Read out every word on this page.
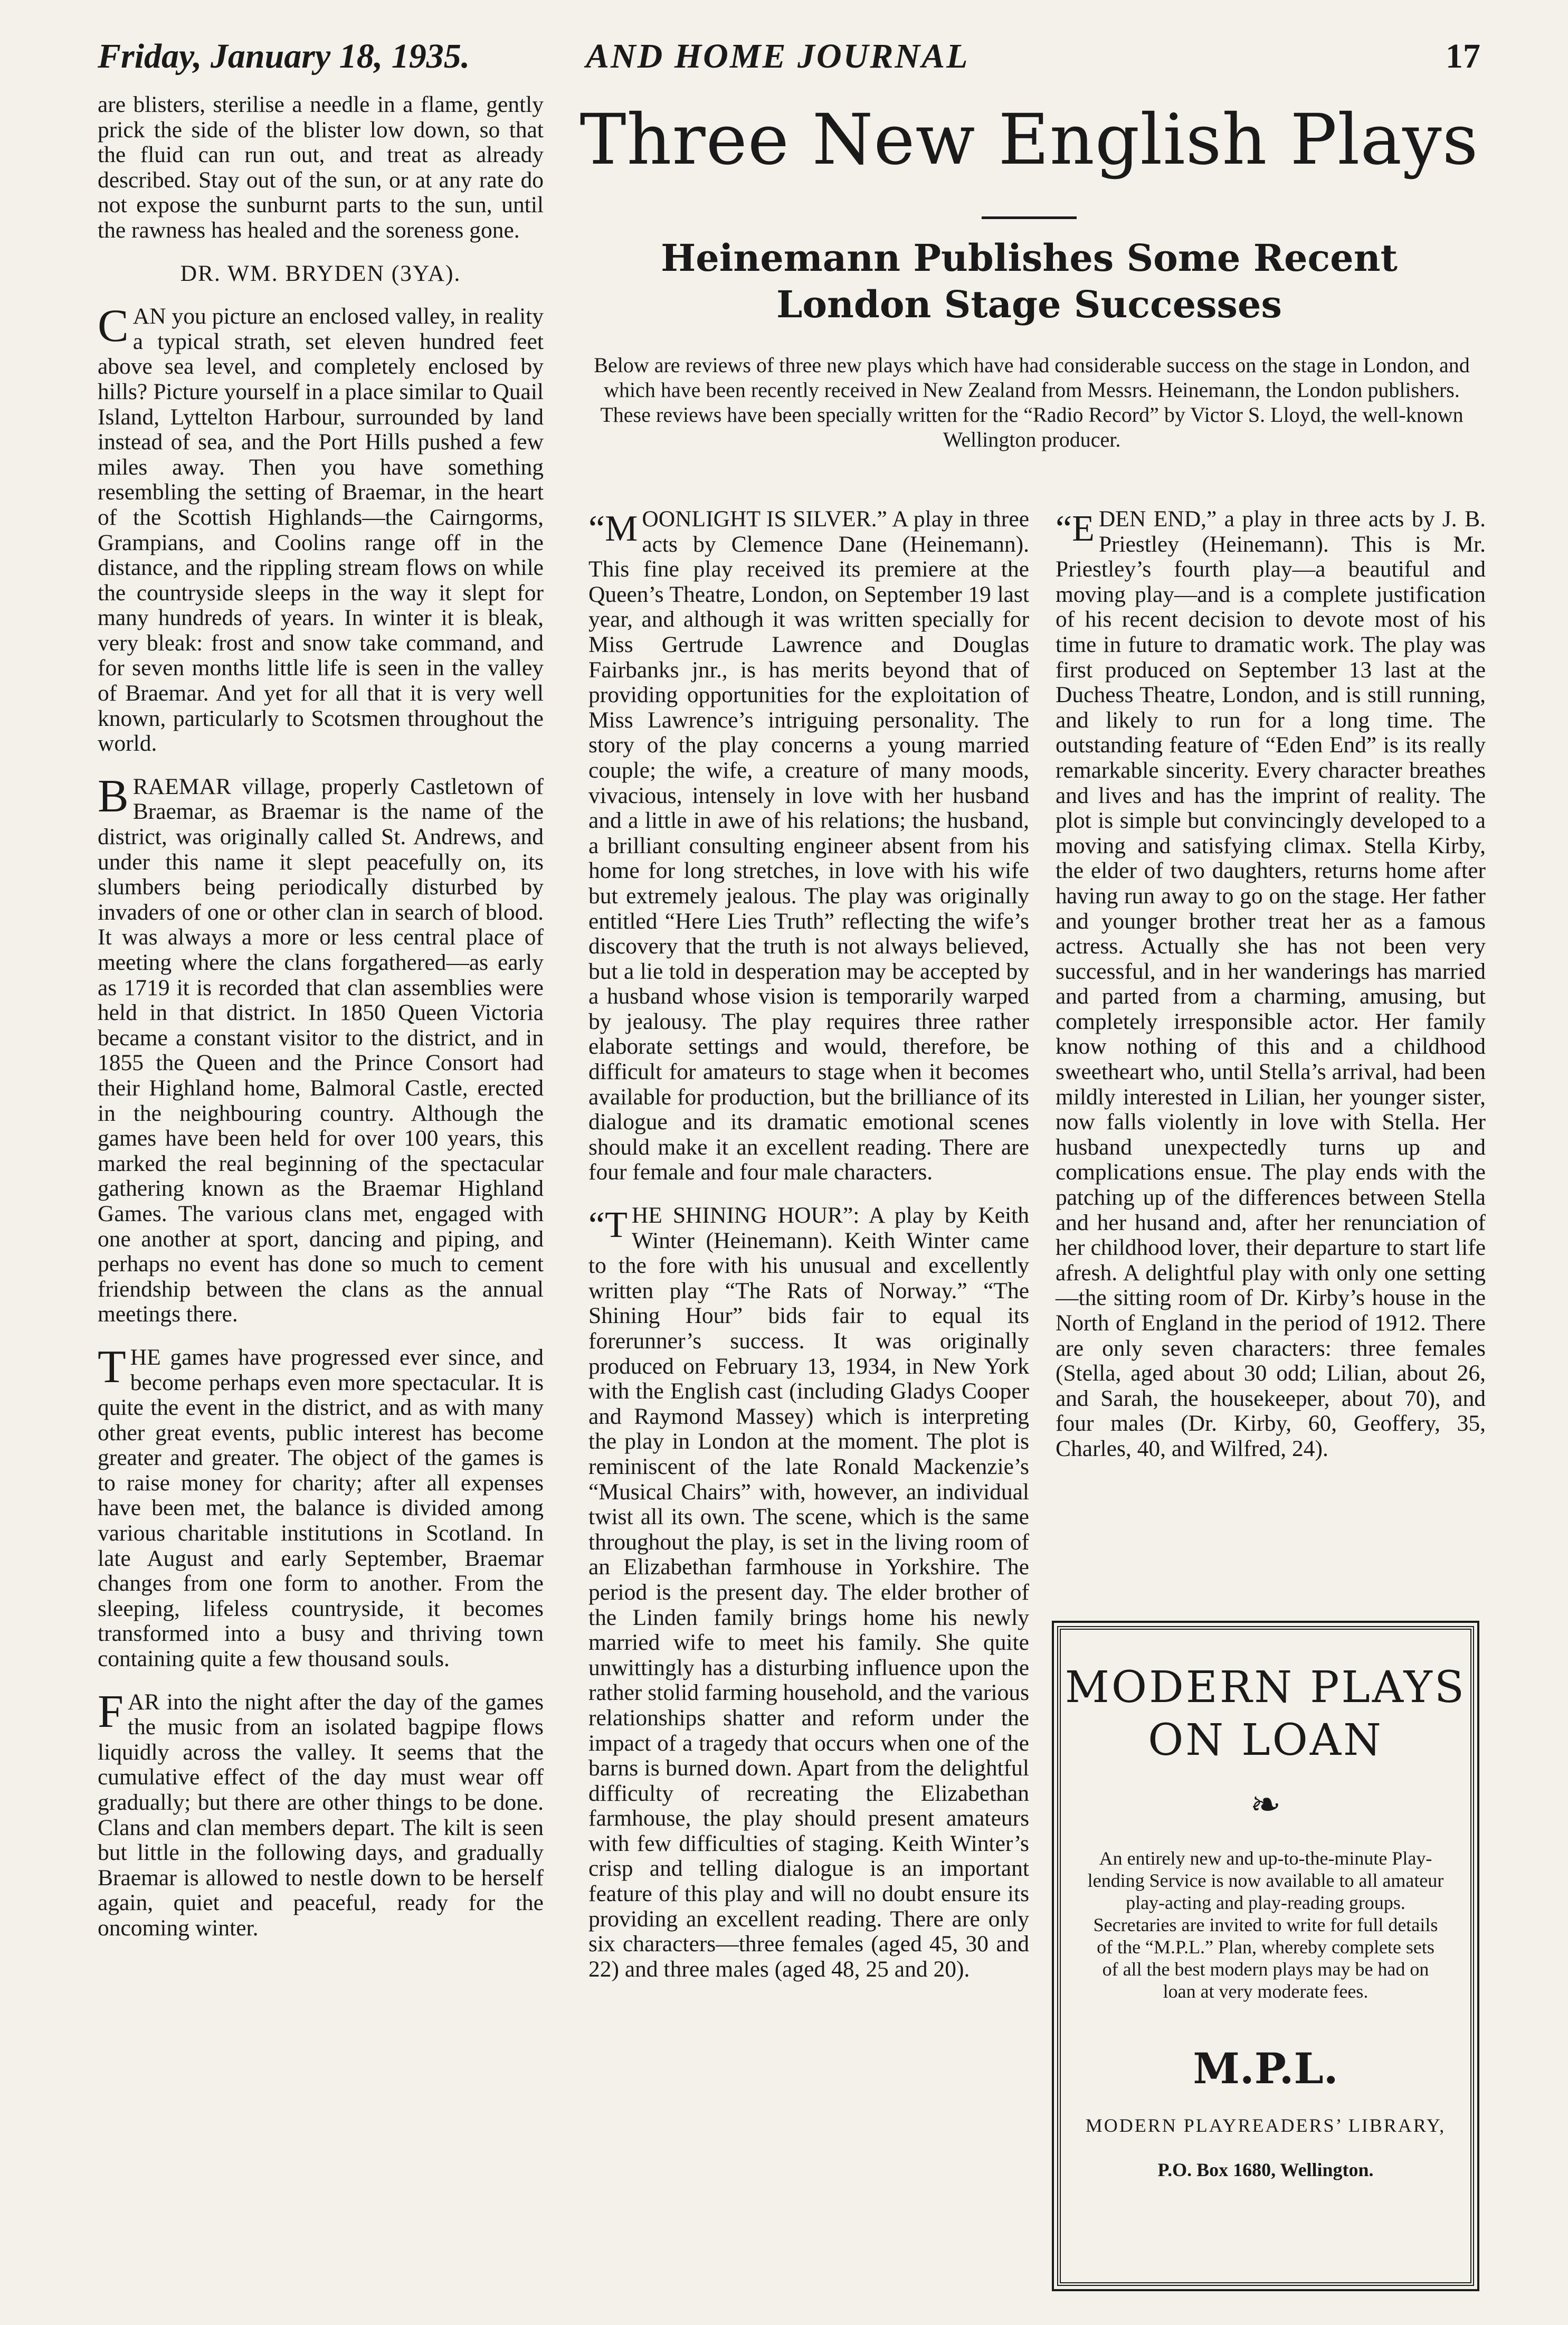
Friday, January 18, 1935.	AND HOME JOURNAL	17

are blisters, sterilise a needle in a flame, gently prick the side of the blister low down, so that the fluid can run out, and treat as already described. Stay out of the sun, or at any rate do not expose the sunburnt parts to the sun, until the rawness has healed and the soreness gone.

DR. WM. BRYDEN (3YA).

CAN you picture an enclosed valley, in reality a typical strath, set eleven hundred feet above sea level, and completely enclosed by hills? Picture yourself in a place similar to Quail Island, Lyttelton Harbour, surrounded by land instead of sea, and the Port Hills pushed a few miles away. Then you have something resembling the setting of Braemar, in the heart of the Scottish Highlands—the Cairngorms, Grampians, and Coolins range off in the distance, and the rippling stream flows on while the countryside sleeps in the way it slept for many hundreds of years. In winter it is bleak, very bleak: frost and snow take command, and for seven months little life is seen in the valley of Braemar. And yet for all that it is very well known, particularly to Scotsmen throughout the world.

BRAEMAR village, properly Castletown of Braemar, as Braemar is the name of the district, was originally called St. Andrews, and under this name it slept peacefully on, its slumbers being periodically disturbed by invaders of one or other clan in search of blood. It was always a more or less central place of meeting where the clans forgathered—as early as 1719 it is recorded that clan assemblies were held in that district. In 1850 Queen Victoria became a constant visitor to the district, and in 1855 the Queen and the Prince Consort had their Highland home, Balmoral Castle, erected in the neighbouring country. Although the games have been held for over 100 years, this marked the real beginning of the spectacular gathering known as the Braemar Highland Games. The various clans met, engaged with one another at sport, dancing and piping, and perhaps no event has done so much to cement friendship between the clans as the annual meetings there.

THE games have progressed ever since, and become perhaps even more spectacular. It is quite the event in the district, and as with many other great events, public interest has become greater and greater. The object of the games is to raise money for charity; after all expenses have been met, the balance is divided among various charitable institutions in Scotland. In late August and early September, Braemar changes from one form to another. From the sleeping, lifeless countryside, it becomes transformed into a busy and thriving town containing quite a few thousand souls.

FAR into the night after the day of the games the music from an isolated bagpipe flows liquidly across the valley. It seems that the cumulative effect of the day must wear off gradually; but there are other things to be done. Clans and clan members depart. The kilt is seen but little in the following days, and gradually Braemar is allowed to nestle down to be herself again, quiet and peaceful, ready for the oncoming winter.

Three New English Plays
Heinemann Publishes Some Recent London Stage Successes
Below are reviews of three new plays which have had considerable success on the stage in London, and which have been recently received in New Zealand from Messrs. Heinemann, the London publishers. These reviews have been specially written for the “Radio Record” by Victor S. Lloyd, the well-known Wellington producer.

“MOONLIGHT IS SILVER.” A play in three acts by Clemence Dane (Heinemann). This fine play received its premiere at the Queen’s Theatre, London, on September 19 last year, and although it was written specially for Miss Gertrude Lawrence and Douglas Fairbanks jnr., is has merits beyond that of providing opportunities for the exploitation of Miss Lawrence’s intriguing personality. The story of the play concerns a young married couple; the wife, a creature of many moods, vivacious, intensely in love with her husband and a little in awe of his relations; the husband, a brilliant consulting engineer absent from his home for long stretches, in love with his wife but extremely jealous. The play was originally entitled “Here Lies Truth” reflecting the wife’s discovery that the truth is not always believed, but a lie told in desperation may be accepted by a husband whose vision is temporarily warped by jealousy. The play requires three rather elaborate settings and would, therefore, be difficult for amateurs to stage when it becomes available for production, but the brilliance of its dialogue and its dramatic emotional scenes should make it an excellent reading. There are four female and four male characters.

“THE SHINING HOUR”: A play by Keith Winter (Heinemann). Keith Winter came to the fore with his unusual and excellently written play “The Rats of Norway.” “The Shining Hour” bids fair to equal its forerunner’s success. It was originally produced on February 13, 1934, in New York with the English cast (including Gladys Cooper and Raymond Massey) which is interpreting the play in London at the moment. The plot is reminiscent of the late Ronald Mackenzie’s “Musical Chairs” with, however, an individual twist all its own. The scene, which is the same throughout the play, is set in the living room of an Elizabethan farmhouse in Yorkshire. The period is the present day. The elder brother of the Linden family brings home his newly married wife to meet his family. She quite unwittingly has a disturbing influence upon the rather stolid farming household, and the various relationships shatter and reform under the impact of a tragedy that occurs when one of the barns is burned down. Apart from the delightful difficulty of recreating the Elizabethan farmhouse, the play should present amateurs with few difficulties of staging. Keith Winter’s crisp and telling dialogue is an important feature of this play and will no doubt ensure its providing an excellent reading. There are only six characters—three females (aged 45, 30 and 22) and three males (aged 48, 25 and 20).

“EDEN END,” a play in three acts by J. B. Priestley (Heinemann). This is Mr. Priestley’s fourth play—a beautiful and moving play—and is a complete justification of his recent decision to devote most of his time in future to dramatic work. The play was first produced on September 13 last at the Duchess Theatre, London, and is still running, and likely to run for a long time. The outstanding feature of “Eden End” is its really remarkable sincerity. Every character breathes and lives and has the imprint of reality. The plot is simple but convincingly developed to a moving and satisfying climax. Stella Kirby, the elder of two daughters, returns home after having run away to go on the stage. Her father and younger brother treat her as a famous actress. Actually she has not been very successful, and in her wanderings has married and parted from a charming, amusing, but completely irresponsible actor. Her family know nothing of this and a childhood sweetheart who, until Stella’s arrival, had been mildly interested in Lilian, her younger sister, now falls violently in love with Stella. Her husband unexpectedly turns up and complications ensue. The play ends with the patching up of the differences between Stella and her husand and, after her renunciation of her childhood lover, their departure to start life afresh. A delightful play with only one setting—the sitting room of Dr. Kirby’s house in the North of England in the period of 1912. There are only seven characters: three females (Stella, aged about 30 odd; Lilian, about 26, and Sarah, the housekeeper, about 70), and four males (Dr. Kirby, 60, Geoffery, 35, Charles, 40, and Wilfred, 24).

MODERN PLAYS ON LOAN
❧
An entirely new and up-to-the-minute Play-lending Service is now available to all amateur play-acting and play-reading groups. Secretaries are invited to write for full details of the “M.P.L.” Plan, whereby complete sets of all the best modern plays may be had on loan at very moderate fees.
M.P.L.
MODERN PLAYREADERS’ LIBRARY,
P.O. Box 1680, Wellington.
